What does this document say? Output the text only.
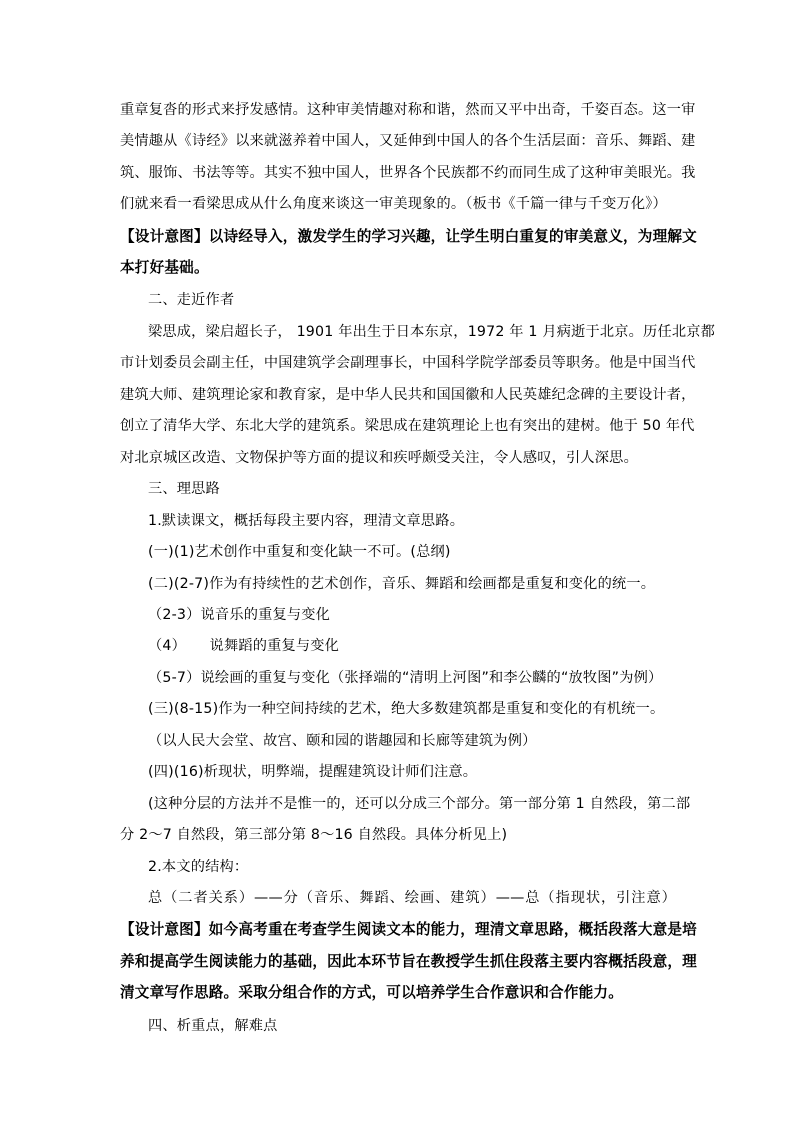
重章复沓的形式来抒发感情。这种审美情趣对称和谐，然而又平中出奇，千姿百态。这一审
美情趣从《诗经》以来就滋养着中国人，又延伸到中国人的各个生活层面：音乐、舞蹈、建
筑、服饰、书法等等。其实不独中国人，世界各个民族都不约而同生成了这种审美眼光。我
们就来看一看梁思成从什么角度来谈这一审美现象的。（板书《千篇一律与千变万化》）
【设计意图】以诗经导入，激发学生的学习兴趣，让学生明白重复的审美意义，为理解文
本打好基础。
二、走近作者
梁思成，梁启超长子， 1901 年出生于日本东京，1972 年 1 月病逝于北京。历任北京都
市计划委员会副主任，中国建筑学会副理事长，中国科学院学部委员等职务。他是中国当代
建筑大师、建筑理论家和教育家，是中华人民共和国国徽和人民英雄纪念碑的主要设计者，
创立了清华大学、东北大学的建筑系。梁思成在建筑理论上也有突出的建树。他于 50 年代
对北京城区改造、文物保护等方面的提议和疾呼颇受关注，令人感叹，引人深思。
三、理思路
1.默读课文，概括每段主要内容，理清文章思路。
(一)(1)艺术创作中重复和变化缺一不可。(总纲)
(二)(2-7)作为有持续性的艺术创作，音乐、舞蹈和绘画都是重复和变化的统一。
（2-3）说音乐的重复与变化
（4）     说舞蹈的重复与变化
（5-7）说绘画的重复与变化（张择端的“清明上河图”和李公麟的“放牧图”为例）
(三)(8-15)作为一种空间持续的艺术，绝大多数建筑都是重复和变化的有机统一。
（以人民大会堂、故宫、颐和园的谐趣园和长廊等建筑为例）
(四)(16)析现状，明弊端，提醒建筑设计师们注意。
(这种分层的方法并不是惟一的，还可以分成三个部分。第一部分第 1 自然段，第二部
分 2～7 自然段，第三部分第 8～16 自然段。具体分析见上)
2.本文的结构：
总（二者关系）——分（音乐、舞蹈、绘画、建筑）——总（指现状，引注意）
【设计意图】如今高考重在考查学生阅读文本的能力，理清文章思路，概括段落大意是培
养和提高学生阅读能力的基础，因此本环节旨在教授学生抓住段落主要内容概括段意，理
清文章写作思路。采取分组合作的方式，可以培养学生合作意识和合作能力。
四、析重点，解难点
